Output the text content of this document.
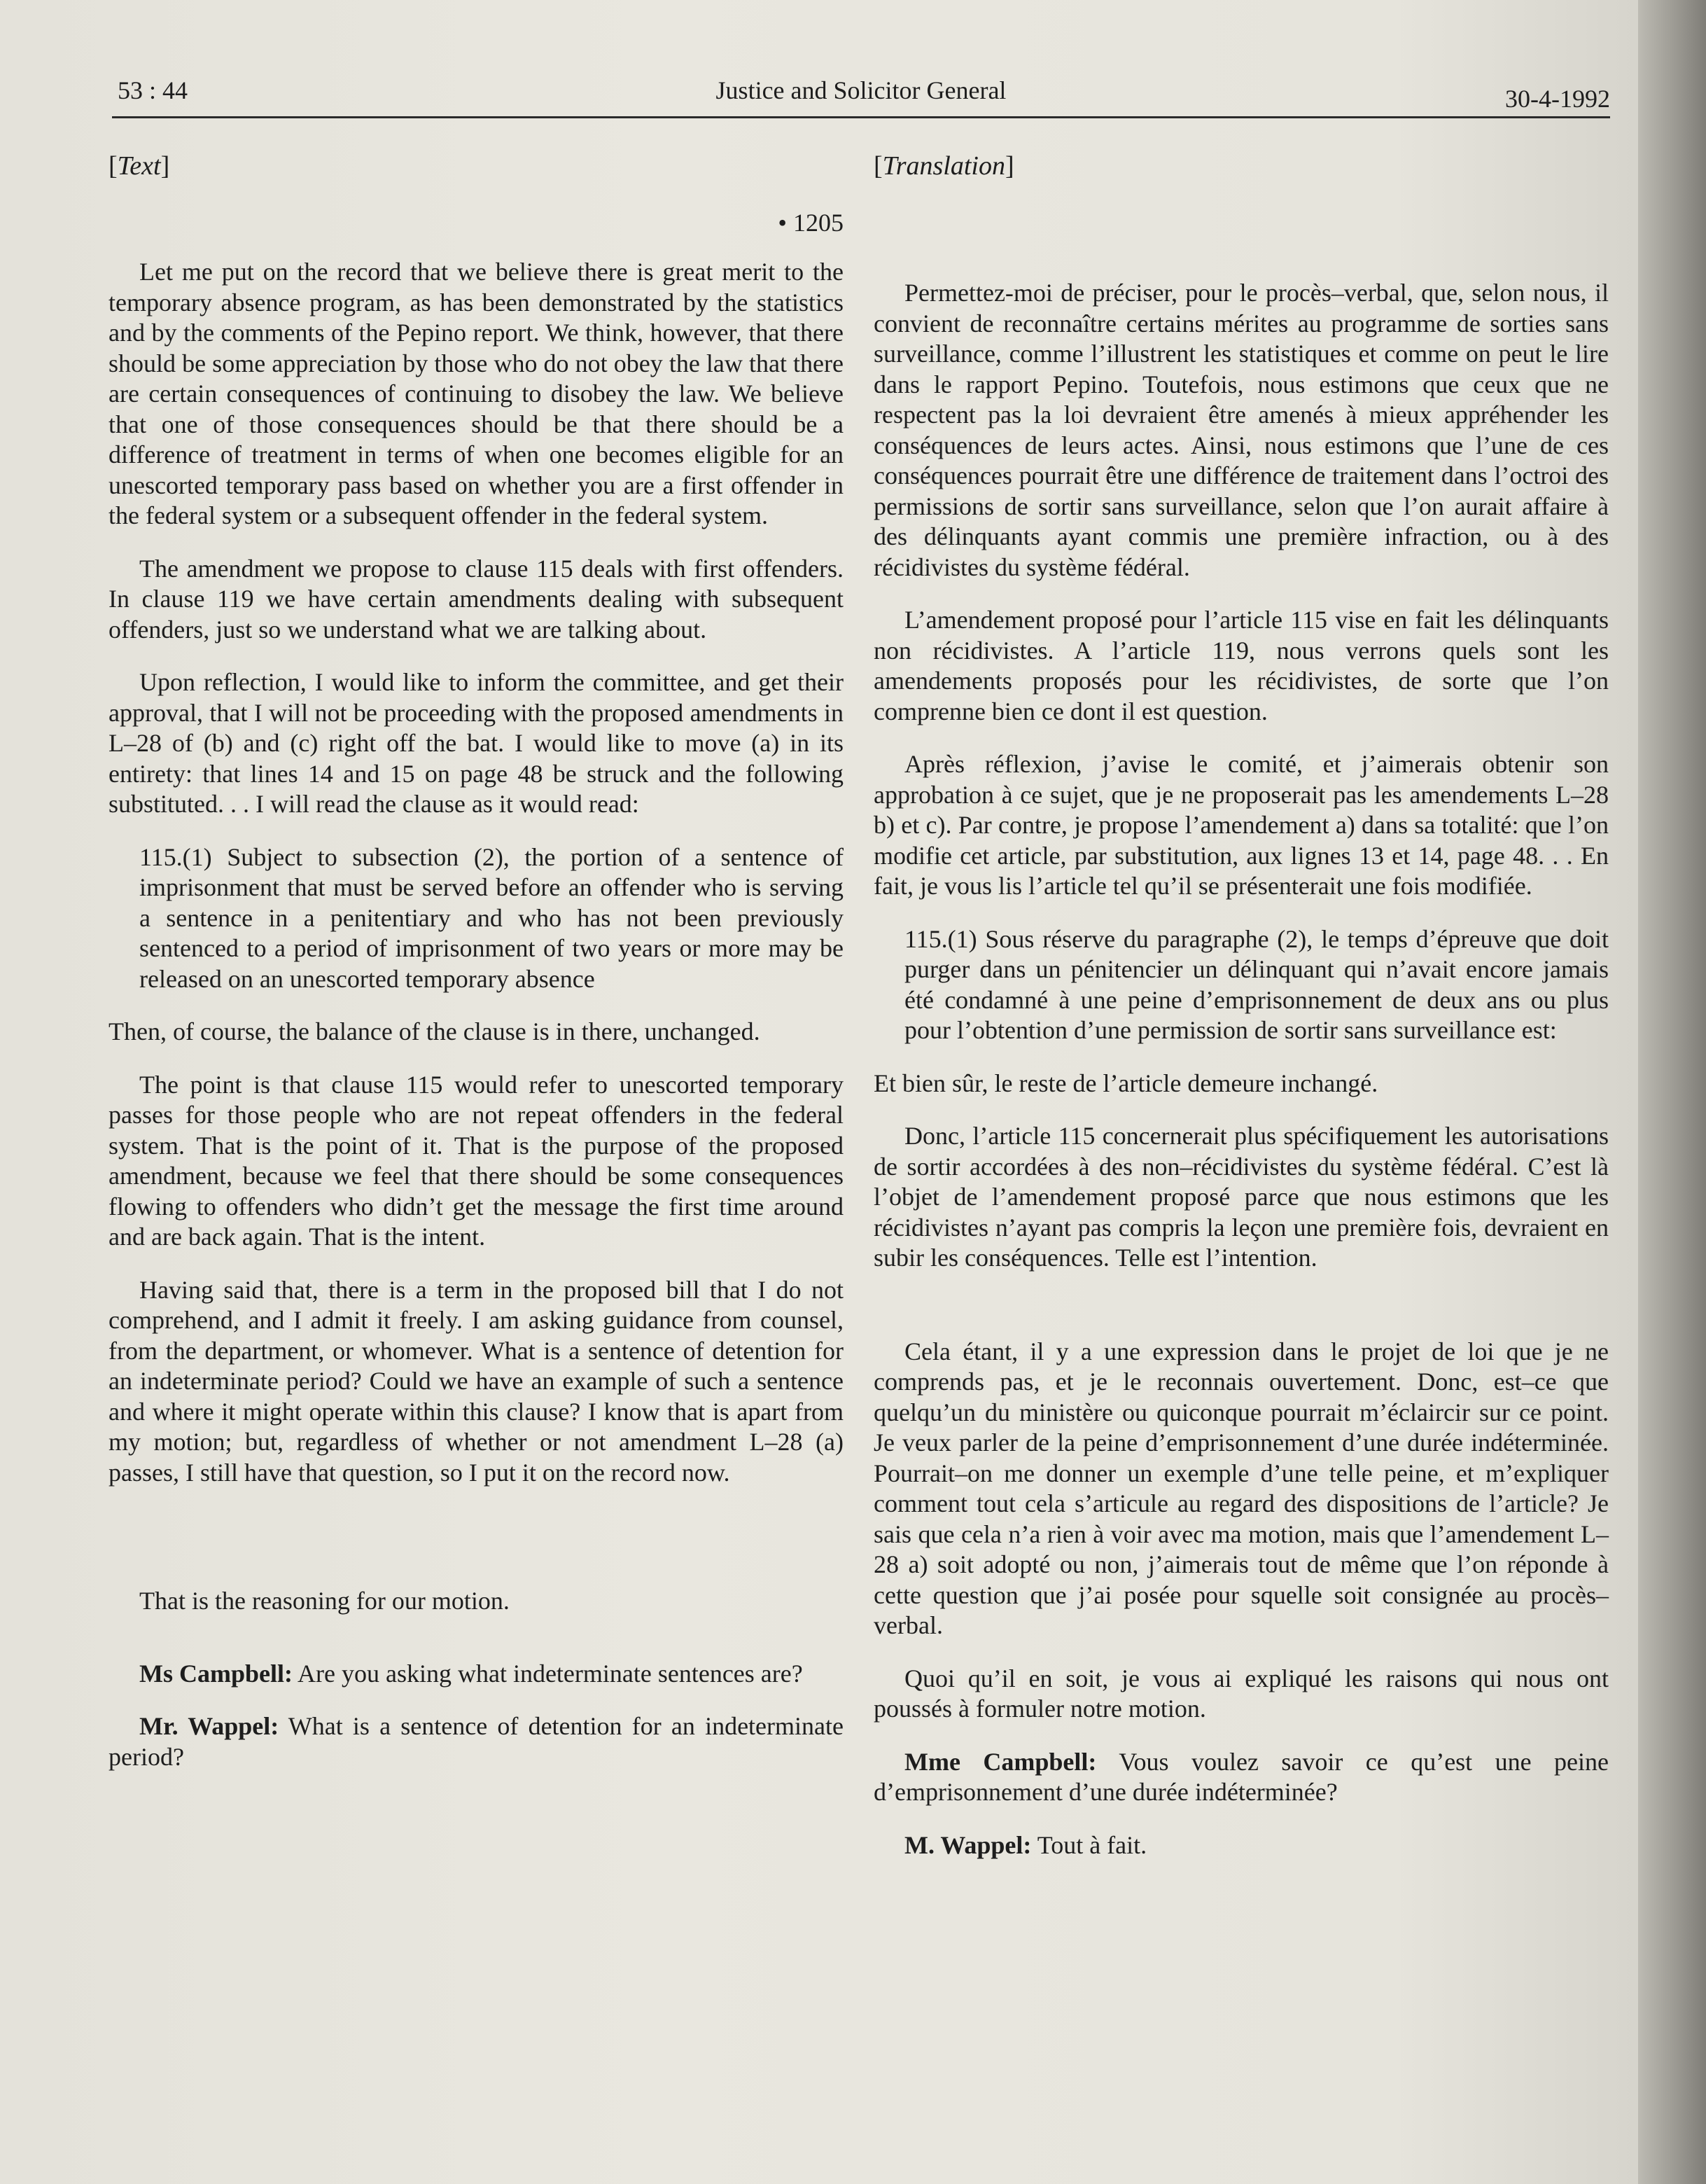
53 : 44	Justice and Solicitor General	30-4-1992
[Text]
• 1205

Let me put on the record that we believe there is great merit to the temporary absence program, as has been demonstrated by the statistics and by the comments of the Pepino report. We think, however, that there should be some appreciation by those who do not obey the law that there are certain consequences of continuing to disobey the law. We believe that one of those consequences should be that there should be a difference of treatment in terms of when one becomes eligible for an unescorted temporary pass based on whether you are a first offender in the federal system or a subsequent offender in the federal system.

The amendment we propose to clause 115 deals with first offenders. In clause 119 we have certain amendments dealing with subsequent offenders, just so we understand what we are talking about.

Upon reflection, I would like to inform the committee, and get their approval, that I will not be proceeding with the proposed amendments in L–28 of (b) and (c) right off the bat. I would like to move (a) in its entirety: that lines 14 and 15 on page 48 be struck and the following substituted. . . I will read the clause as it would read:

115.(1) Subject to subsection (2), the portion of a sentence of imprisonment that must be served before an offender who is serving a sentence in a penitentiary and who has not been previously sentenced to a period of imprisonment of two years or more may be released on an unescorted temporary absence

Then, of course, the balance of the clause is in there, unchanged.

The point is that clause 115 would refer to unescorted temporary passes for those people who are not repeat offenders in the federal system. That is the point of it. That is the purpose of the proposed amendment, because we feel that there should be some consequences flowing to offenders who didn’t get the message the first time around and are back again. That is the intent.

Having said that, there is a term in the proposed bill that I do not comprehend, and I admit it freely. I am asking guidance from counsel, from the department, or whomever. What is a sentence of detention for an indeterminate period? Could we have an example of such a sentence and where it might operate within this clause? I know that is apart from my motion; but, regardless of whether or not amendment L–28 (a) passes, I still have that question, so I put it on the record now.

That is the reasoning for our motion.

Ms Campbell: Are you asking what indeterminate sentences are?

Mr. Wappel: What is a sentence of detention for an indeterminate period?

[Translation]

Permettez-moi de préciser, pour le procès–verbal, que, selon nous, il convient de reconnaître certains mérites au programme de sorties sans surveillance, comme l’illustrent les statistiques et comme on peut le lire dans le rapport Pepino. Toutefois, nous estimons que ceux que ne respectent pas la loi devraient être amenés à mieux appréhender les conséquences de leurs actes. Ainsi, nous estimons que l’une de ces conséquences pourrait être une différence de traitement dans l’octroi des permissions de sortir sans surveillance, selon que l’on aurait affaire à des délinquants ayant commis une première infraction, ou à des récidivistes du système fédéral.

L’amendement proposé pour l’article 115 vise en fait les délinquants non récidivistes. A l’article 119, nous verrons quels sont les amendements proposés pour les récidivistes, de sorte que l’on comprenne bien ce dont il est question.

Après réflexion, j’avise le comité, et j’aimerais obtenir son approbation à ce sujet, que je ne proposerait pas les amendements L–28 b) et c). Par contre, je propose l’amendement a) dans sa totalité: que l’on modifie cet article, par substitution, aux lignes 13 et 14, page 48. . . En fait, je vous lis l’article tel qu’il se présenterait une fois modifiée.

115.(1) Sous réserve du paragraphe (2), le temps d’épreuve que doit purger dans un pénitencier un délinquant qui n’avait encore jamais été condamné à une peine d’emprisonnement de deux ans ou plus pour l’obtention d’une permission de sortir sans surveillance est:

Et bien sûr, le reste de l’article demeure inchangé.

Donc, l’article 115 concernerait plus spécifiquement les autorisations de sortir accordées à des non–récidivistes du système fédéral. C’est là l’objet de l’amendement proposé parce que nous estimons que les récidivistes n’ayant pas compris la leçon une première fois, devraient en subir les conséquences. Telle est l’intention.

Cela étant, il y a une expression dans le projet de loi que je ne comprends pas, et je le reconnais ouvertement. Donc, est–ce que quelqu’un du ministère ou quiconque pourrait m’éclaircir sur ce point. Je veux parler de la peine d’emprisonnement d’une durée indéterminée. Pourrait–on me donner un exemple d’une telle peine, et m’expliquer comment tout cela s’articule au regard des dispositions de l’article? Je sais que cela n’a rien à voir avec ma motion, mais que l’amendement L–28 a) soit adopté ou non, j’aimerais tout de même que l’on réponde à cette question que j’ai posée pour squelle soit consignée au procès–verbal.

Quoi qu’il en soit, je vous ai expliqué les raisons qui nous ont poussés à formuler notre motion.

Mme Campbell: Vous voulez savoir ce qu’est une peine d’emprisonnement d’une durée indéterminée?

M. Wappel: Tout à fait.
